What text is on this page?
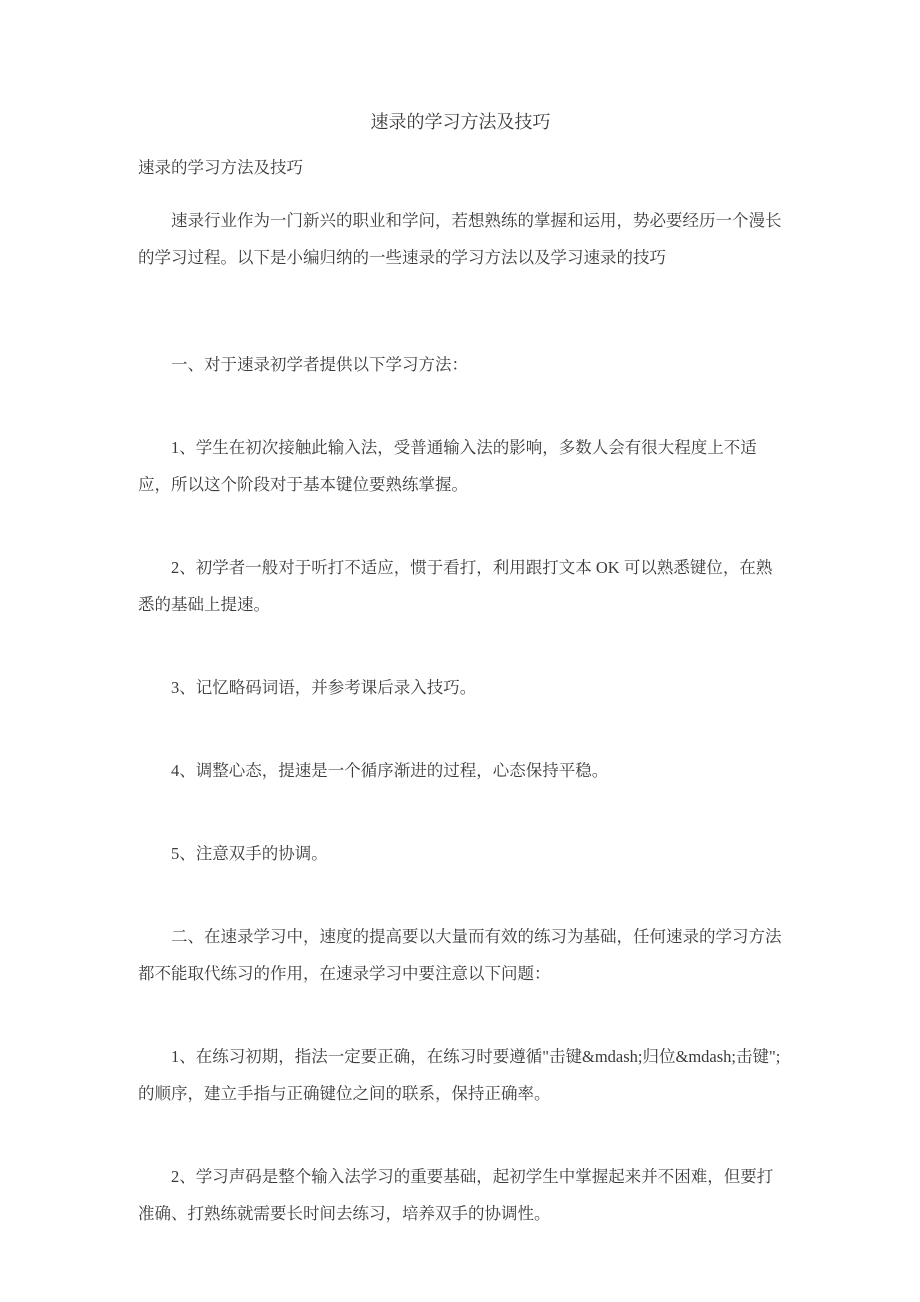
速录的学习方法及技巧
速录的学习方法及技巧

速录行业作为一门新兴的职业和学问，若想熟练的掌握和运用，势必要经历一个漫长的学习过程。以下是小编归纳的一些速录的学习方法以及学习速录的技巧

一、对于速录初学者提供以下学习方法：

1、学生在初次接触此输入法，受普通输入法的影响，多数人会有很大程度上不适应，所以这个阶段对于基本键位要熟练掌握。

2、初学者一般对于听打不适应，惯于看打，利用跟打文本 OK 可以熟悉键位，在熟悉的基础上提速。

3、记忆略码词语，并参考课后录入技巧。

4、调整心态，提速是一个循序渐进的过程，心态保持平稳。

5、注意双手的协调。

二、在速录学习中，速度的提高要以大量而有效的练习为基础，任何速录的学习方法都不能取代练习的作用，在速录学习中要注意以下问题：

1、在练习初期，指法一定要正确，在练习时要遵循"击键&mdash;归位&mdash;击键";的顺序，建立手指与正确键位之间的联系，保持正确率。

2、学习声码是整个输入法学习的重要基础，起初学生中掌握起来并不困难，但要打准确、打熟练就需要长时间去练习，培养双手的协调性。
